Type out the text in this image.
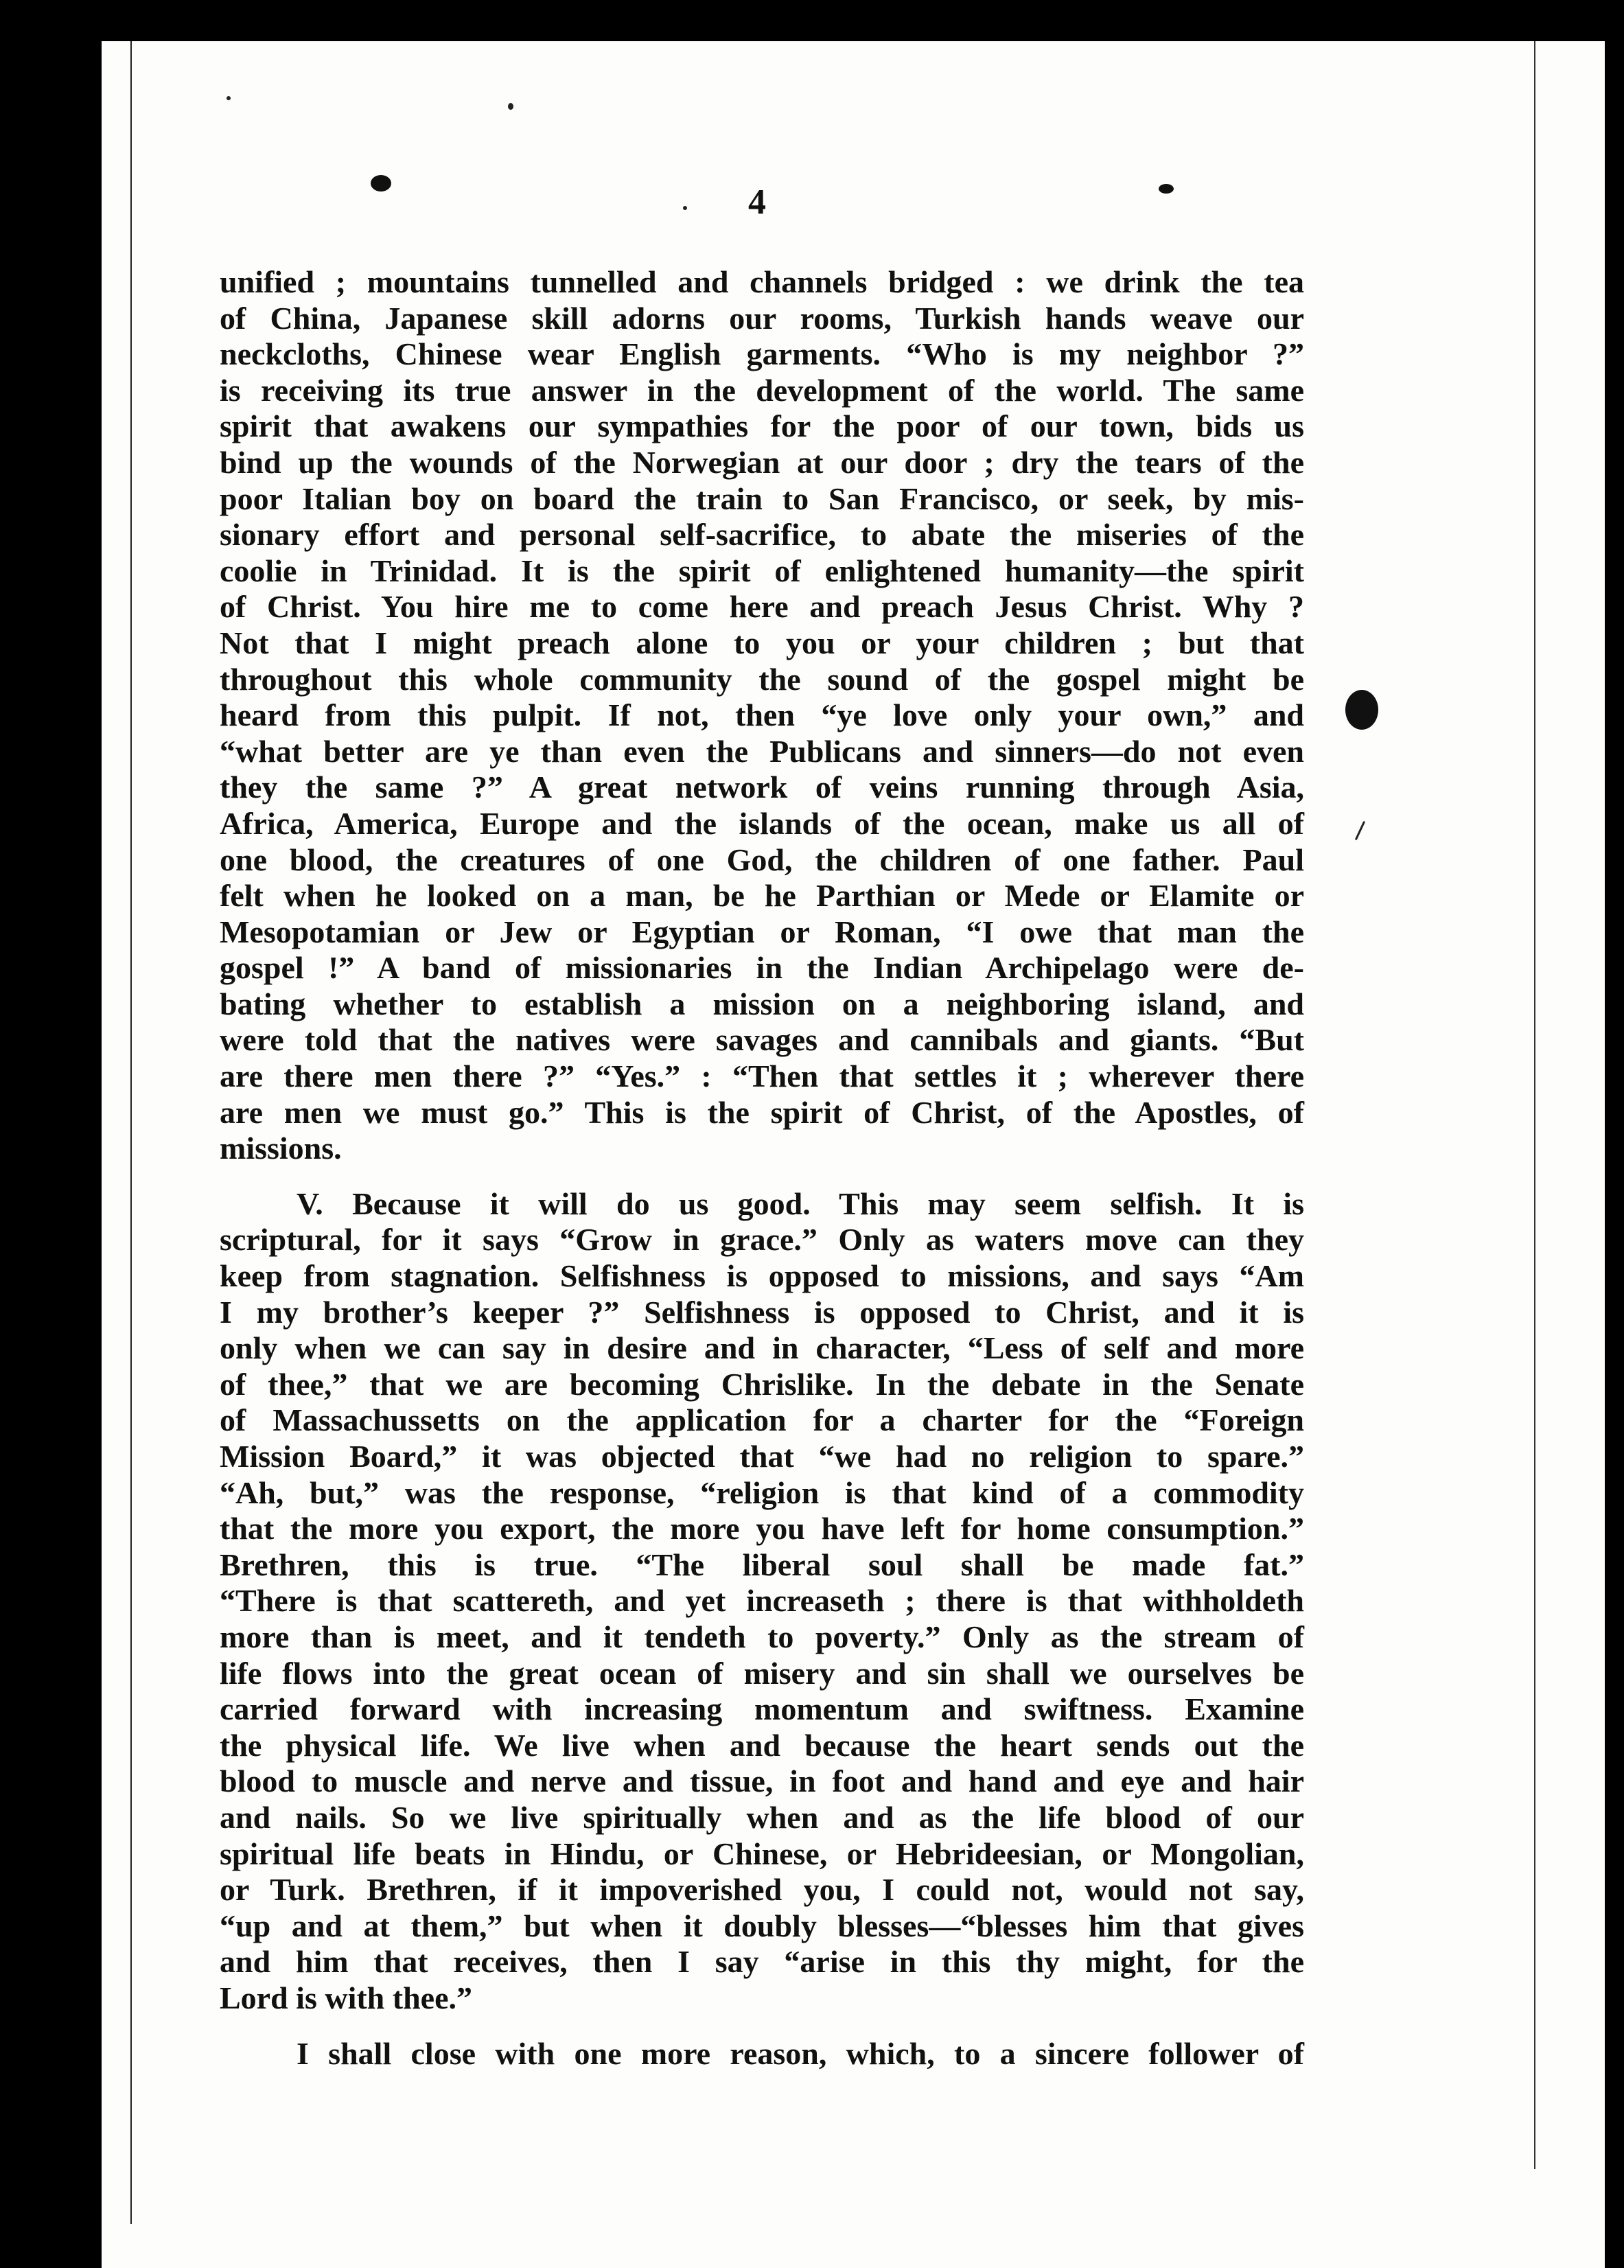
4
unified ; mountains tunnelled and channels bridged : we drink the tea
of China, Japanese skill adorns our rooms, Turkish hands weave our
neckcloths, Chinese wear English garments. “Who is my neighbor ?”
is receiving its true answer in the development of the world. The same
spirit that awakens our sympathies for the poor of our town, bids us
bind up the wounds of the Norwegian at our door ; dry the tears of the
poor Italian boy on board the train to San Francisco, or seek, by mis-
sionary effort and personal self-sacrifice, to abate the miseries of the
coolie in Trinidad. It is the spirit of enlightened humanity—the spirit
of Christ. You hire me to come here and preach Jesus Christ. Why ?
Not that I might preach alone to you or your children ; but that
throughout this whole community the sound of the gospel might be
heard from this pulpit. If not, then “ye love only your own,” and
“what better are ye than even the Publicans and sinners—do not even
they the same ?” A great network of veins running through Asia,
Africa, America, Europe and the islands of the ocean, make us all of
one blood, the creatures of one God, the children of one father. Paul
felt when he looked on a man, be he Parthian or Mede or Elamite or
Mesopotamian or Jew or Egyptian or Roman, “I owe that man the
gospel !” A band of missionaries in the Indian Archipelago were de-
bating whether to establish a mission on a neighboring island, and
were told that the natives were savages and cannibals and giants. “But
are there men there ?” “Yes.” : “Then that settles it ; wherever there
are men we must go.” This is the spirit of Christ, of the Apostles, of
missions.
V. Because it will do us good. This may seem selfish. It is
scriptural, for it says “Grow in grace.” Only as waters move can they
keep from stagnation. Selfishness is opposed to missions, and says “Am
I my brother’s keeper ?” Selfishness is opposed to Christ, and it is
only when we can say in desire and in character, “Less of self and more
of thee,” that we are becoming Chrislike. In the debate in the Senate
of Massachussetts on the application for a charter for the “Foreign
Mission Board,” it was objected that “we had no religion to spare.”
“Ah, but,” was the response, “religion is that kind of a commodity
that the more you export, the more you have left for home consumption.”
Brethren, this is true. “The liberal soul shall be made fat.”
“There is that scattereth, and yet increaseth ; there is that withholdeth
more than is meet, and it tendeth to poverty.” Only as the stream of
life flows into the great ocean of misery and sin shall we ourselves be
carried forward with increasing momentum and swiftness. Examine
the physical life. We live when and because the heart sends out the
blood to muscle and nerve and tissue, in foot and hand and eye and hair
and nails. So we live spiritually when and as the life blood of our
spiritual life beats in Hindu, or Chinese, or Hebrideesian, or Mongolian,
or Turk. Brethren, if it impoverished you, I could not, would not say,
“up and at them,” but when it doubly blesses—“blesses him that gives
and him that receives, then I say “arise in this thy might, for the
Lord is with thee.”
I shall close with one more reason, which, to a sincere follower of
